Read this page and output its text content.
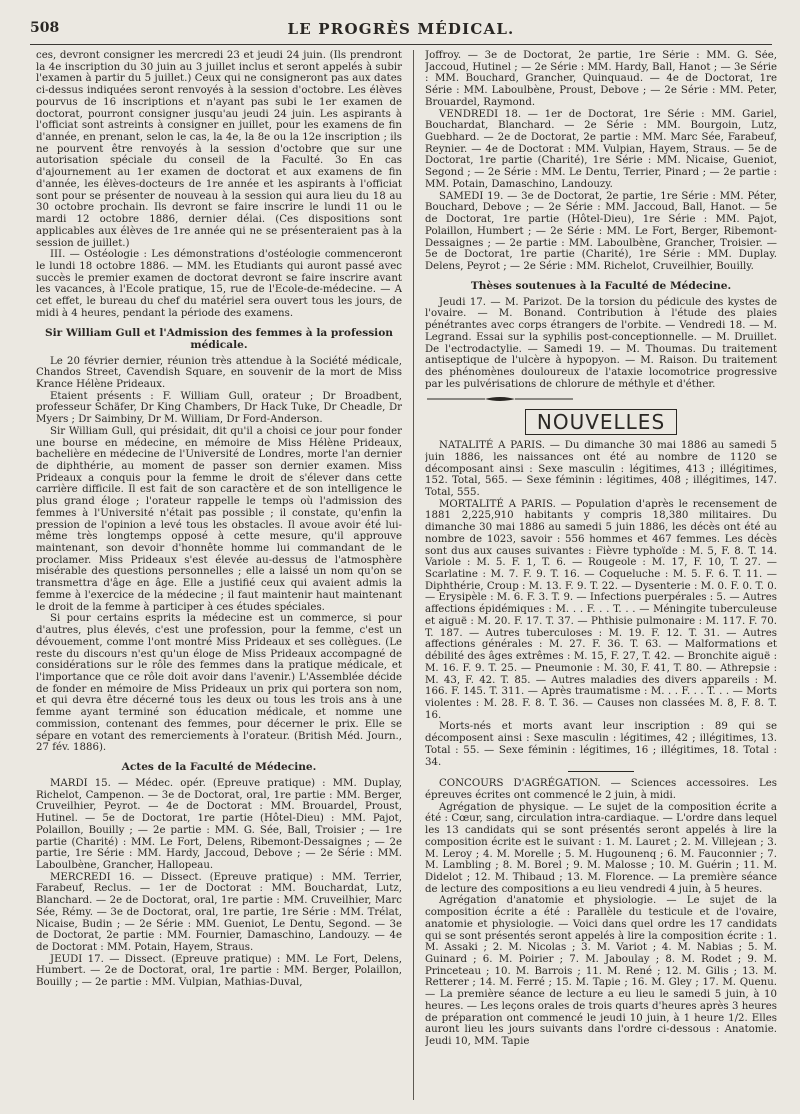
508	LE PROGRÈS MÉDICAL.

ces, devront consigner les mercredi 23 et jeudi 24 juin. (Ils prendront la 4e inscription du 30 juin au 3 juillet inclus et seront appelés à subir l'examen à partir du 5 juillet.) Ceux qui ne consigneront pas aux dates ci-dessus indiquées seront renvoyés à la session d'octobre. Les élèves pourvus de 16 inscriptions et n'ayant pas subi le 1er examen de doctorat, pourront consigner jusqu'au jeudi 24 juin. Les aspirants à l'officiat sont astreints à consigner en juillet, pour les examens de fin d'année, en prenant, selon le cas, la 4e, la 8e ou la 12e inscription ; ils ne pourvent être renvoyés à la session d'octobre que sur une autorisation spéciale du conseil de la Faculté. 3o En cas d'ajournement au 1er examen de doctorat et aux examens de fin d'année, les élèves-docteurs de 1re année et les aspirants à l'officiat sont pour se présenter de nouveau à la session qui aura lieu du 18 au 30 octobre prochain. Ils devront se faire inscrire le lundi 11 ou le mardi 12 octobre 1886, dernier délai. (Ces dispositions sont applicables aux élèves de 1re année qui ne se présenteraient pas à la session de juillet.)

III. — Ostéologie : Les démonstrations d'ostéologie commenceront le lundi 18 octobre 1886. — MM. les Etudiants qui auront passé avec succès le premier examen de doctorat devront se faire inscrire avant les vacances, à l'Ecole pratique, 15, rue de l'Ecole-de-médecine. — A cet effet, le bureau du chef du matériel sera ouvert tous les jours, de midi à 4 heures, pendant la période des examens.

Sir William Gull et l'Admission des femmes à la profession médicale.

Le 20 février dernier, réunion très attendue à la Société médicale, Chandos Street, Cavendish Square, en souvenir de la mort de Miss Krance Hélène Prideaux.

Etaient présents : F. William Gull, orateur ; Dr Broadbent, professeur Schäfer, Dr King Chambers, Dr Hack Tuke, Dr Cheadle, Dr Myers ; Dr Saimbiny, Dr M. William, Dr Ford-Anderson.

Sir William Gull, qui présidait, dit qu'il a choisi ce jour pour fonder une bourse en médecine, en mémoire de Miss Hélène Prideaux, bachelière en médecine de l'Université de Londres, morte l'an dernier de diphthérie, au moment de passer son dernier examen. Miss Prideaux a conquis pour la femme le droit de s'élever dans cette carrière difficile. Il est fait de son caractère et de son intelligence le plus grand éloge ; l'orateur rappelle le temps où l'admission des femmes à l'Université n'était pas possible ; il constate, qu'enfin la pression de l'opinion a levé tous les obstacles. Il avoue avoir été lui-même très longtemps opposé à cette mesure, qu'il approuve maintenant, son devoir d'honnête homme lui commandant de le proclamer. Miss Prideaux s'est élevée au-dessus de l'atmosphère misérable des questions personnelles ; elle a laissé un nom qu'on se transmettra d'âge en âge. Elle a justifié ceux qui avaient admis la femme à l'exercice de la médecine ; il faut maintenir haut maintenant le droit de la femme à participer à ces études spéciales.

Si pour certains esprits la médecine est un commerce, si pour d'autres, plus élevés, c'est une profession, pour la femme, c'est un dévouement, comme l'ont montré Miss Prideaux et ses collègues. (Le reste du discours n'est qu'un éloge de Miss Prideaux accompagné de considérations sur le rôle des femmes dans la pratique médicale, et l'importance que ce rôle doit avoir dans l'avenir.) L'Assemblée décide de fonder en mémoire de Miss Prideaux un prix qui portera son nom, et qui devra être décerné tous les deux ou tous les trois ans à une femme ayant terminé son éducation médicale, et nomme une commission, contenant des femmes, pour décerner le prix. Elle se sépare en votant des remerciements à l'orateur. (British Méd. Journ., 27 fév. 1886).

Actes de la Faculté de Médecine.

MARDI 15. — Médec. opér. (Epreuve pratique) : MM. Duplay, Richelot, Campenon. — 3e de Doctorat, oral, 1re partie : MM. Berger, Cruveilhier, Peyrot. — 4e de Doctorat : MM. Brouardel, Proust, Hutinel. — 5e de Doctorat, 1re partie (Hôtel-Dieu) : MM. Pajot, Polaillon, Bouilly ; — 2e partie : MM. G. Sée, Ball, Troisier ; — 1re partie (Charité) : MM. Le Fort, Delens, Ribemont-Dessaignes ; — 2e partie, 1re Série : MM. Hardy, Jaccoud, Debove ; — 2e Série : MM. Laboulbène, Grancher, Hallopeau.

MERCREDI 16. — Dissect. (Epreuve pratique) : MM. Terrier, Farabeuf, Reclus. — 1er de Doctorat : MM. Bouchardat, Lutz, Blanchard. — 2e de Doctorat, oral, 1re partie : MM. Cruveilhier, Marc Sée, Rémy. — 3e de Doctorat, oral, 1re partie, 1re Série : MM. Trélat, Nicaise, Budin ; — 2e Série : MM. Gueniot, Le Dentu, Segond. — 3e de Doctorat, 2e partie : MM. Fournier, Damaschino, Landouzy. — 4e de Doctorat : MM. Potain, Hayem, Straus.

JEUDI 17. — Dissect. (Epreuve pratique) : MM. Le Fort, Delens, Humbert. — 2e de Doctorat, oral, 1re partie : MM. Berger, Polaillon, Bouilly ; — 2e partie : MM. Vulpian, Mathias-Duval,

Joffroy. — 3e de Doctorat, 2e partie, 1re Série : MM. G. Sée, Jaccoud, Hutinel ; — 2e Série : MM. Hardy, Ball, Hanot ; — 3e Série : MM. Bouchard, Grancher, Quinquaud. — 4e de Doctorat, 1re Série : MM. Laboulbène, Proust, Debove ; — 2e Série : MM. Peter, Brouardel, Raymond.

VENDREDI 18. — 1er de Doctorat, 1re Série : MM. Gariel, Bouchardat, Blanchard. — 2e Série : MM. Bourgoin, Lutz, Guebhard. — 2e de Doctorat, 2e partie : MM. Marc Sée, Farabeuf, Reynier. — 4e de Doctorat : MM. Vulpian, Hayem, Straus. — 5e de Doctorat, 1re partie (Charité), 1re Série : MM. Nicaise, Gueniot, Segond ; — 2e Série : MM. Le Dentu, Terrier, Pinard ; — 2e partie : MM. Potain, Damaschino, Landouzy.

SAMEDI 19. — 3e de Doctorat, 2e partie, 1re Série : MM. Péter, Bouchard, Debove ; — 2e Série : MM. Jaccoud, Ball, Hanot. — 5e de Doctorat, 1re partie (Hôtel-Dieu), 1re Série : MM. Pajot, Polaillon, Humbert ; — 2e Série : MM. Le Fort, Berger, Ribemont-Dessaignes ; — 2e partie : MM. Laboulbène, Grancher, Troisier. — 5e de Doctorat, 1re partie (Charité), 1re Série : MM. Duplay. Delens, Peyrot ; — 2e Série : MM. Richelot, Cruveilhier, Bouilly.

Thèses soutenues à la Faculté de Médecine.

Jeudi 17. — M. Parizot. De la torsion du pédicule des kystes de l'ovaire. — M. Bonand. Contribution à l'étude des plaies pénétrantes avec corps étrangers de l'orbite. — Vendredi 18. — M. Legrand. Essai sur la syphilis post-conceptionnelle. — M. Druillet. De l'ectrodactylie. — Samedi 19. — M. Thoumas. Du traitement antiseptique de l'ulcère à hypopyon. — M. Raison. Du traitement des phénomènes douloureux de l'ataxie locomotrice progressive par les pulvérisations de chlorure de méthyle et d'éther.

NOUVELLES

NATALITÉ A PARIS. — Du dimanche 30 mai 1886 au samedi 5 juin 1886, les naissances ont été au nombre de 1120 se décomposant ainsi : Sexe masculin : légitimes, 413 ; illégitimes, 152. Total, 565. — Sexe féminin : légitimes, 408 ; illégitimes, 147. Total, 555.

MORTALITÉ A PARIS. — Population d'après le recensement de 1881 2,225,910 habitants y compris 18,380 militaires. Du dimanche 30 mai 1886 au samedi 5 juin 1886, les décès ont été au nombre de 1023, savoir : 556 hommes et 467 femmes. Les décès sont dus aux causes suivantes : Fièvre typhoïde : M. 5, F. 8. T. 14. Variole : M. 5. F. 1, T. 6. — Rougeole : M. 17, F. 10, T. 27. — Scarlatine : M. 7. F. 9. T. 16. — Coqueluche : M. 5. F. 6. T. 11. — Diphthérie, Croup : M. 13. F. 9. T. 22. — Dysenterie : M. 0. F. 0. T. 0. — Erysipèle : M. 6. F. 3. T. 9. — Infections puerpérales : 5. — Autres affections épidémiques : M. . . F. . . T. . . — Méningite tuberculeuse et aiguë : M. 20. F. 17. T. 37. — Phthisie pulmonaire : M. 117. F. 70. T. 187. — Autres tuberculoses : M. 19. F. 12. T. 31. — Autres affections générales : M. 27. F. 36. T. 63. — Malformations et débilité des âges extrêmes : M. 15, F. 27, T. 42. — Bronchite aiguë : M. 16. F. 9. T. 25. — Pneumonie : M. 30, F. 41, T. 80. — Athrepsie : M. 43, F. 42. T. 85. — Autres maladies des divers appareils : M. 166. F. 145. T. 311. — Après traumatisme : M. . . F. . . T. . . — Morts violentes : M. 28. F. 8. T. 36. — Causes non classées M. 8, F. 8. T. 16.

Morts-nés et morts avant leur inscription : 89 qui se décomposent ainsi : Sexe masculin : légitimes, 42 ; illégitimes, 13. Total : 55. — Sexe féminin : légitimes, 16 ; illégitimes, 18. Total : 34.

CONCOURS D'AGRÉGATION. — Sciences accessoires. Les épreuves écrites ont commencé le 2 juin, à midi.

Agrégation de physique. — Le sujet de la composition écrite a été : Cœur, sang, circulation intra-cardiaque. — L'ordre dans lequel les 13 candidats qui se sont présentés seront appelés à lire la composition écrite est le suivant : 1. M. Lauret ; 2. M. Villejean ; 3. M. Leroy ; 4. M. Morelle ; 5. M. Hugounenq ; 6. M. Fauconnier ; 7. M. Lambling ; 8. M. Borel ; 9. M. Malosse ; 10. M. Guérin ; 11. M. Didelot ; 12. M. Thibaud ; 13. M. Florence. — La première séance de lecture des compositions a eu lieu vendredi 4 juin, à 5 heures.

Agrégation d'anatomie et physiologie. — Le sujet de la composition écrite a été : Parallèle du testicule et de l'ovaire, anatomie et physiologie. — Voici dans quel ordre les 17 candidats qui se sont présentés seront appelés à lire la composition écrite : 1. M. Assaki ; 2. M. Nicolas ; 3. M. Variot ; 4. M. Nabias ; 5. M. Guinard ; 6. M. Poirier ; 7. M. Jaboulay ; 8. M. Rodet ; 9. M. Princeteau ; 10. M. Barrois ; 11. M. René ; 12. M. Gilis ; 13. M. Retterer ; 14. M. Ferré ; 15. M. Tapie ; 16. M. Gley ; 17. M. Quenu. — La première séance de lecture a eu lieu le samedi 5 juin, à 10 heures. — Les leçons orales de trois quarts d'heures après 3 heures de préparation ont commencé le jeudi 10 juin, à 1 heure 1/2. Elles auront lieu les jours suivants dans l'ordre ci-dessous : Anatomie. Jeudi 10, MM. Tapie
